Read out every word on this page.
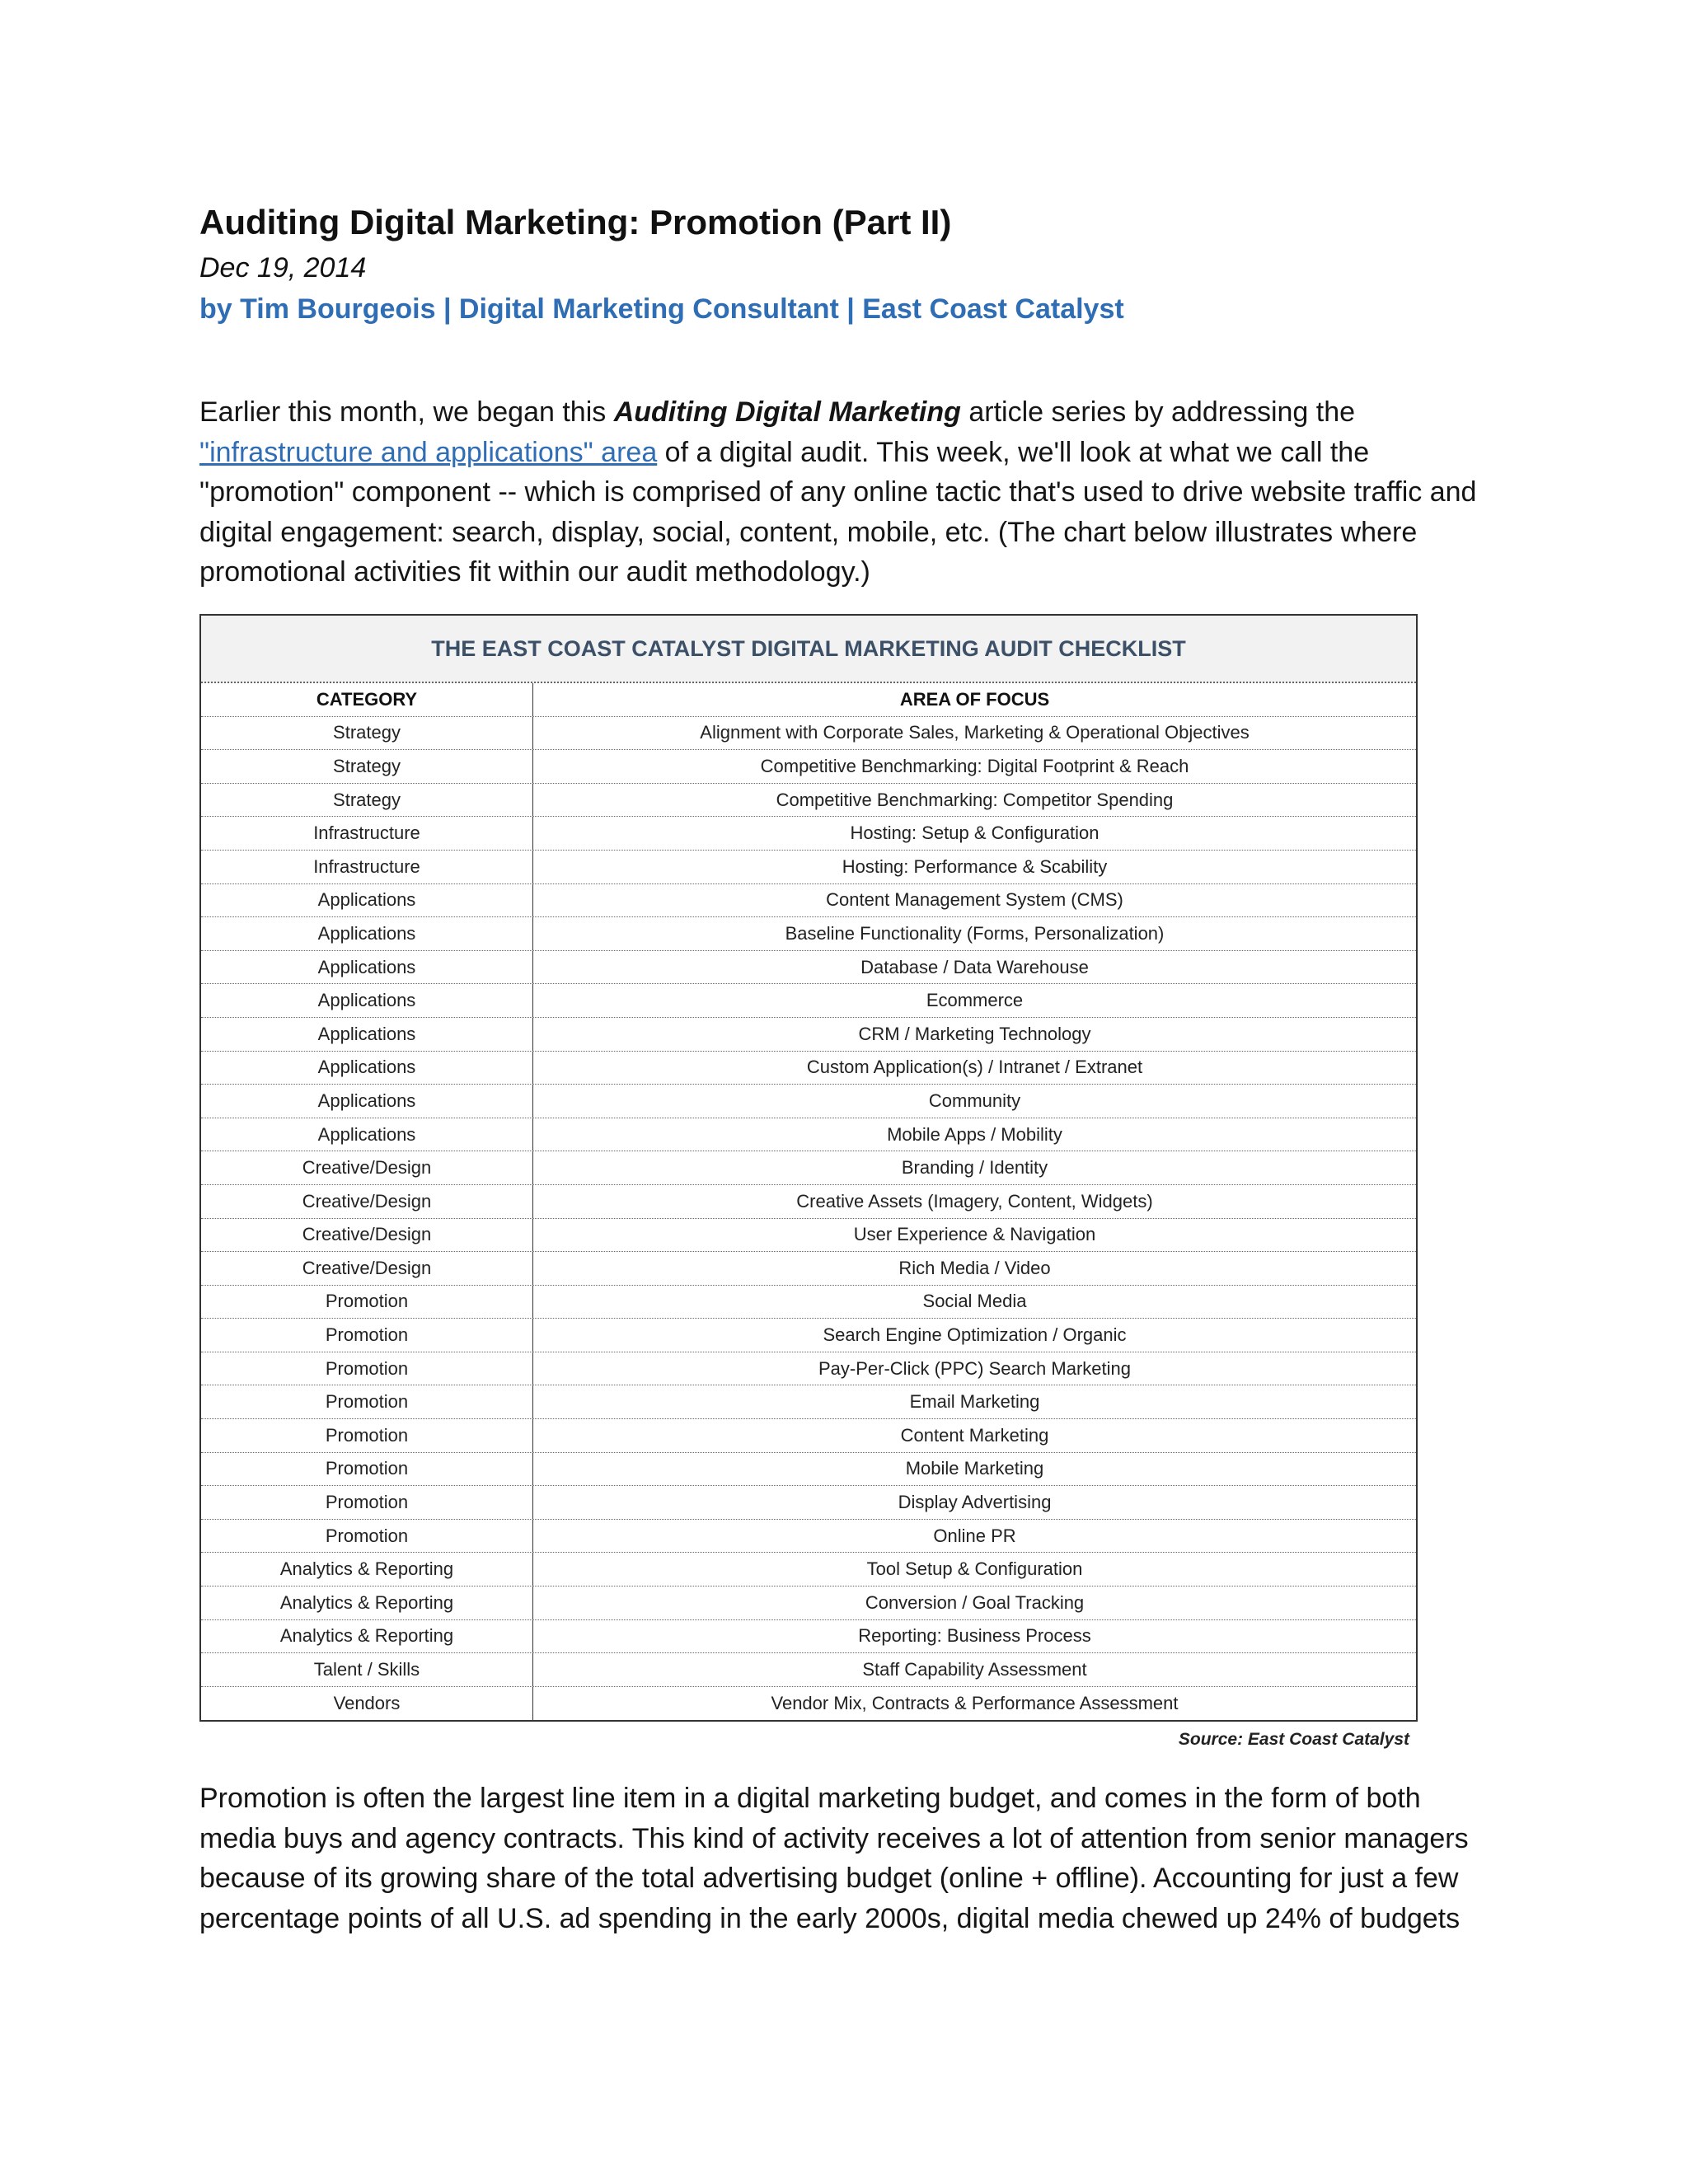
Auditing Digital Marketing: Promotion (Part II)

Dec 19, 2014

by Tim Bourgeois | Digital Marketing Consultant | East Coast Catalyst

Earlier this month, we began this Auditing Digital Marketing article series by addressing the "infrastructure and applications" area of a digital audit. This week, we'll look at what we call the "promotion" component -- which is comprised of any online tactic that's used to drive website traffic and digital engagement: search, display, social, content, mobile, etc. (The chart below illustrates where promotional activities fit within our audit methodology.)

THE EAST COAST CATALYST DIGITAL MARKETING AUDIT CHECKLIST
CATEGORY	AREA OF FOCUS
Strategy	Alignment with Corporate Sales, Marketing & Operational Objectives
Strategy	Competitive Benchmarking: Digital Footprint & Reach
Strategy	Competitive Benchmarking: Competitor Spending
Infrastructure	Hosting: Setup & Configuration
Infrastructure	Hosting: Performance & Scability
Applications	Content Management System (CMS)
Applications	Baseline Functionality (Forms, Personalization)
Applications	Database / Data Warehouse
Applications	Ecommerce
Applications	CRM / Marketing Technology
Applications	Custom Application(s) / Intranet / Extranet
Applications	Community
Applications	Mobile Apps / Mobility
Creative/Design	Branding / Identity
Creative/Design	Creative Assets (Imagery, Content, Widgets)
Creative/Design	User Experience & Navigation
Creative/Design	Rich Media / Video
Promotion	Social Media
Promotion	Search Engine Optimization / Organic
Promotion	Pay-Per-Click (PPC) Search Marketing
Promotion	Email Marketing
Promotion	Content Marketing
Promotion	Mobile Marketing
Promotion	Display Advertising
Promotion	Online PR
Analytics & Reporting	Tool Setup & Configuration
Analytics & Reporting	Conversion / Goal Tracking
Analytics & Reporting	Reporting: Business Process
Talent / Skills	Staff Capability Assessment
Vendors	Vendor Mix, Contracts & Performance Assessment
Source: East Coast Catalyst

Promotion is often the largest line item in a digital marketing budget, and comes in the form of both media buys and agency contracts. This kind of activity receives a lot of attention from senior managers because of its growing share of the total advertising budget (online + offline). Accounting for just a few percentage points of all U.S. ad spending in the early 2000s, digital media chewed up 24% of budgets
